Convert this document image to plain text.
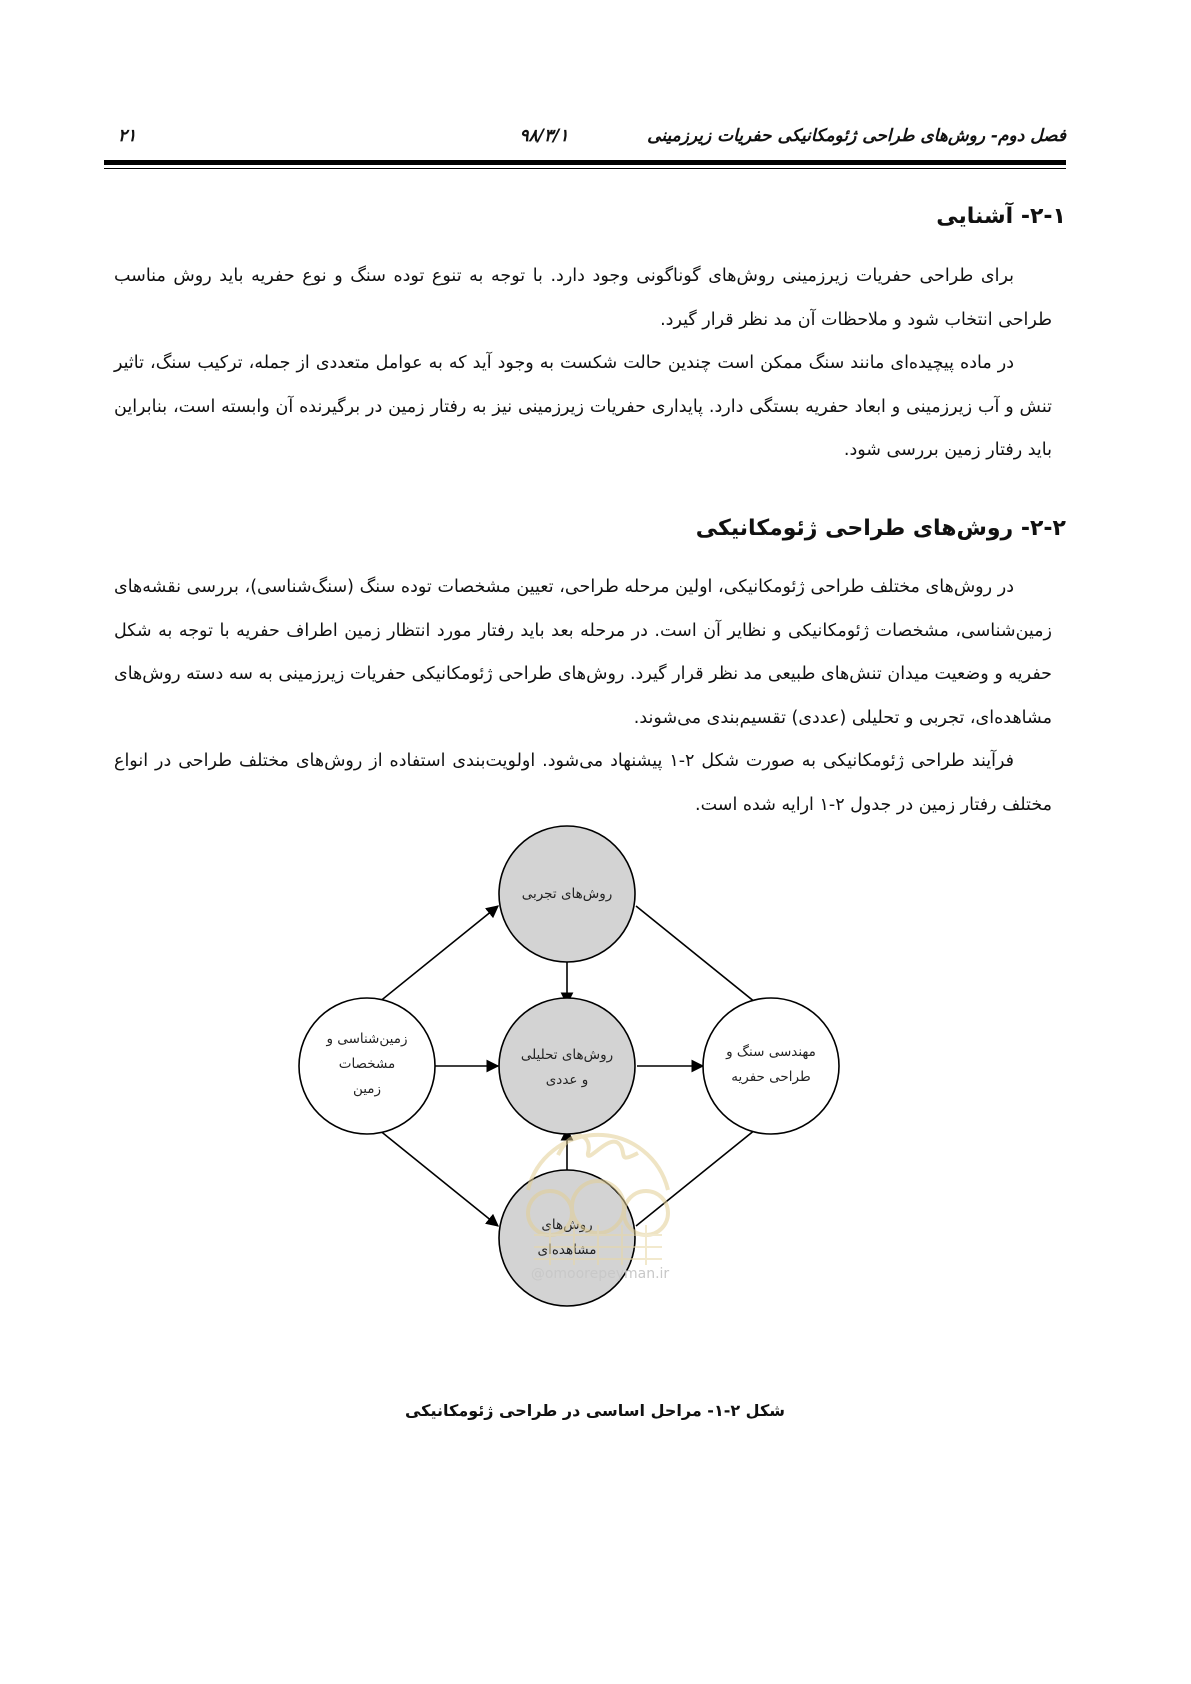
فصل دوم- روش‌های طراحی ژئومکانیکی حفریات زیرزمینی
۹۸/۳/۱
۲۱
۲-۱- آشنایی

برای طراحی حفریات زیرزمینی روش‌های گوناگونی وجود دارد. با توجه به تنوع توده سنگ و نوع حفریه باید روش مناسب طراحی انتخاب شود و ملاحظات آن مد نظر قرار گیرد.

در ماده پیچیده‌ای مانند سنگ ممکن است چندین حالت شکست به وجود آید که به عوامل متعددی از جمله، ترکیب سنگ، تاثیر تنش و آب زیرزمینی و ابعاد حفریه بستگی دارد. پایداری حفریات زیرزمینی نیز به رفتار زمین در برگیرنده آن وابسته است، بنابراین باید رفتار زمین بررسی شود.

۲-۲- روش‌های طراحی ژئومکانیکی

در روش‌های مختلف طراحی ژئومکانیکی، اولین مرحله طراحی، تعیین مشخصات توده سنگ (سنگ‌شناسی)، بررسی نقشه‌های زمین‌شناسی، مشخصات ژئومکانیکی و نظایر آن است. در مرحله بعد باید رفتار مورد انتظار زمین اطراف حفریه با توجه به شکل حفریه و وضعیت میدان تنش‌های طبیعی مد نظر قرار گیرد. روش‌های طراحی ژئومکانیکی حفریات زیرزمینی به سه دسته روش‌های مشاهده‌ای، تجربی و تحلیلی (عددی) تقسیم‌بندی می‌شوند.

فرآیند طراحی ژئومکانیکی به صورت شکل ۲-۱ پیشنهاد می‌شود. اولویت‌بندی استفاده از روش‌های مختلف طراحی در انواع مختلف رفتار زمین در جدول ۲-۱ ارایه شده است.

روش‌های تجربی
روش‌های تحلیلی
و عددی
روش‌های
مشاهده‌ای
زمین‌شناسی و
مشخصات
زمین
مهندسی سنگ و
طراحی حفریه

شکل ۲-۱- مراحل اساسی در طراحی ژئومکانیکی

@omoorepeyman.ir
